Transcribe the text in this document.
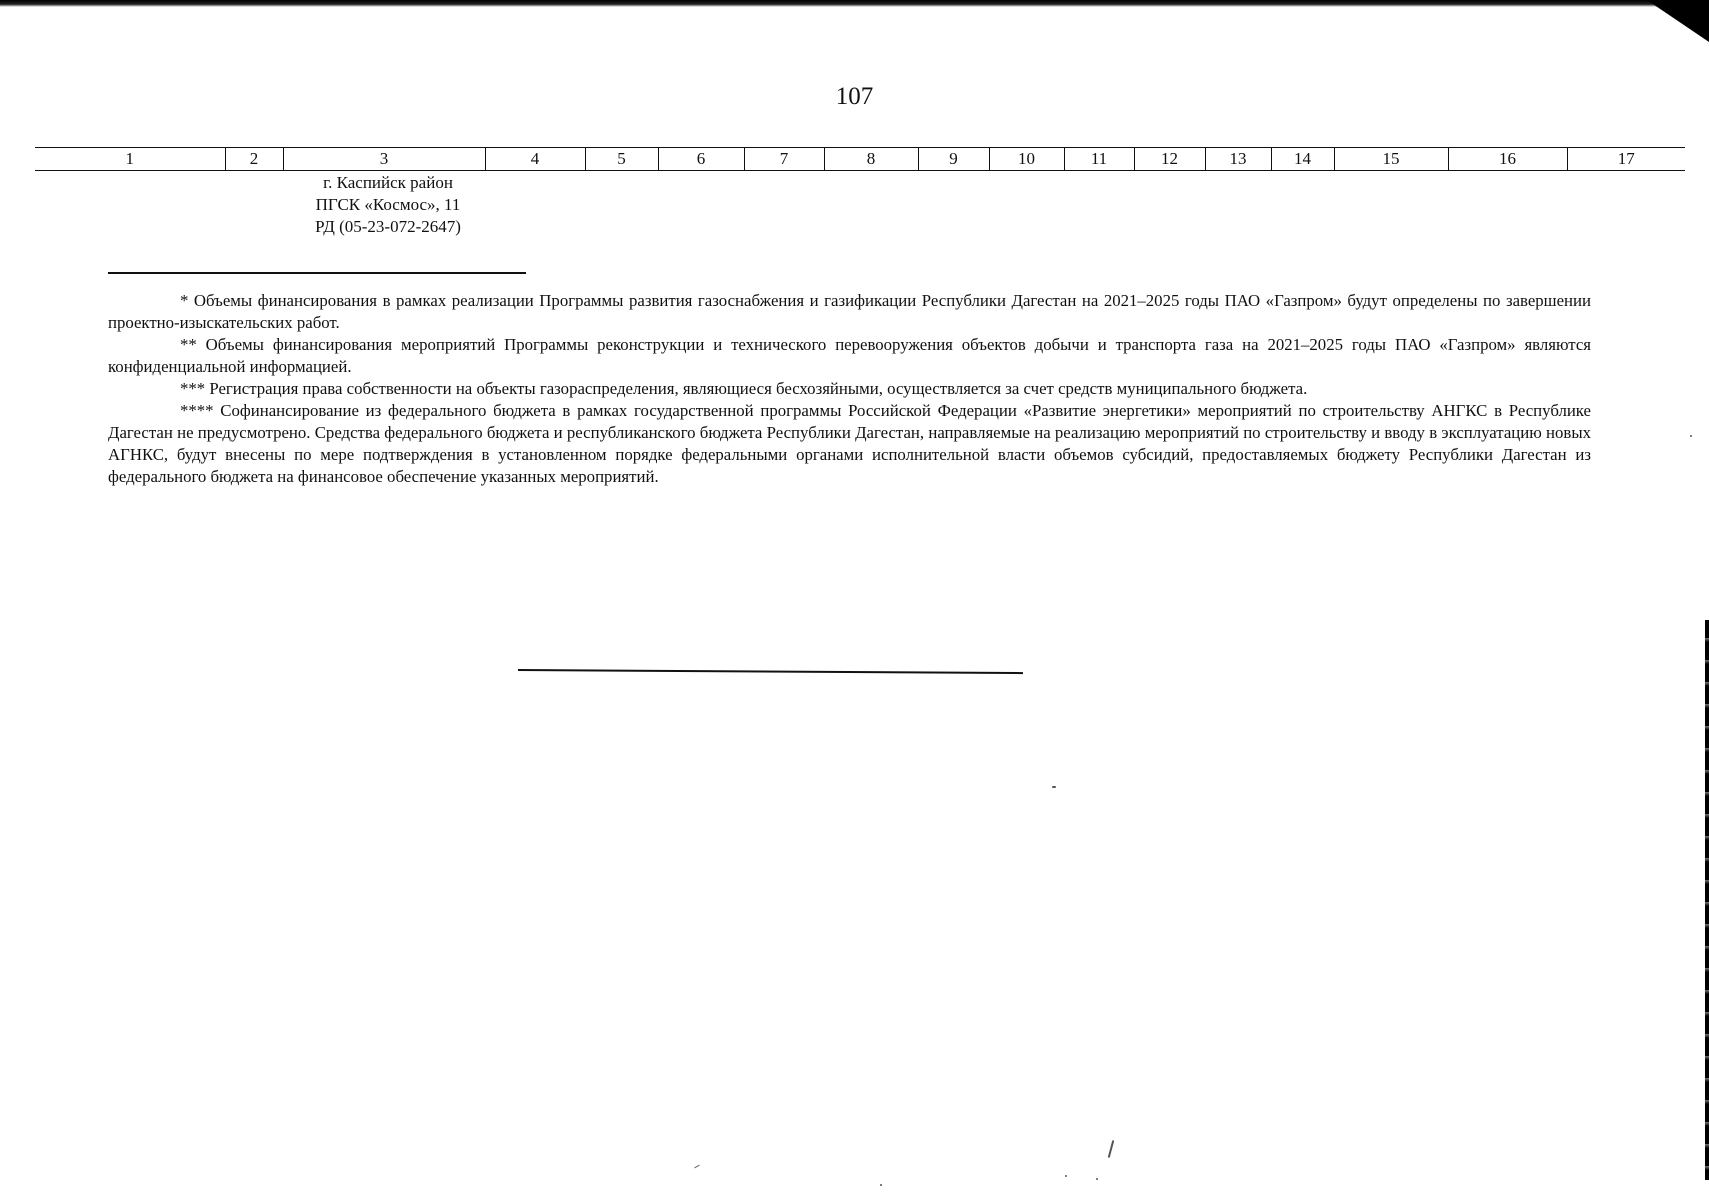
107
1	2	3	4	5	6	7	8	9	10	11	12	13	14	15	16	17
г. Каспийск район
ПГСК «Космос», 11
РД (05-23-072-2647)

* Объемы финансирования в рамках реализации Программы развития газоснабжения и газификации Республики Дагестан на 2021–2025 годы ПАО «Газпром» будут определены по завершении проектно-изыскательских работ.

** Объемы финансирования мероприятий Программы реконструкции и технического перевооружения объектов добычи и транспорта газа на 2021–2025 годы ПАО «Газпром» являются конфиденциальной информацией.

*** Регистрация права собственности на объекты газораспределения, являющиеся бесхозяйными, осуществляется за счет средств муниципального бюджета.

**** Софинансирование из федерального бюджета в рамках государственной программы Российской Федерации «Развитие энергетики» мероприятий по строительству АНГКС в Республике Дагестан не предусмотрено. Средства федерального бюджета и республиканского бюджета Республики Дагестан, направляемые на реализацию мероприятий по строительству и вводу в эксплуатацию новых АГНКС, будут внесены по мере подтверждения в установленном порядке федеральными органами исполнительной власти объемов субсидий, предоставляемых бюджету Республики Дагестан из федерального бюджета на финансовое обеспечение указанных мероприятий.
